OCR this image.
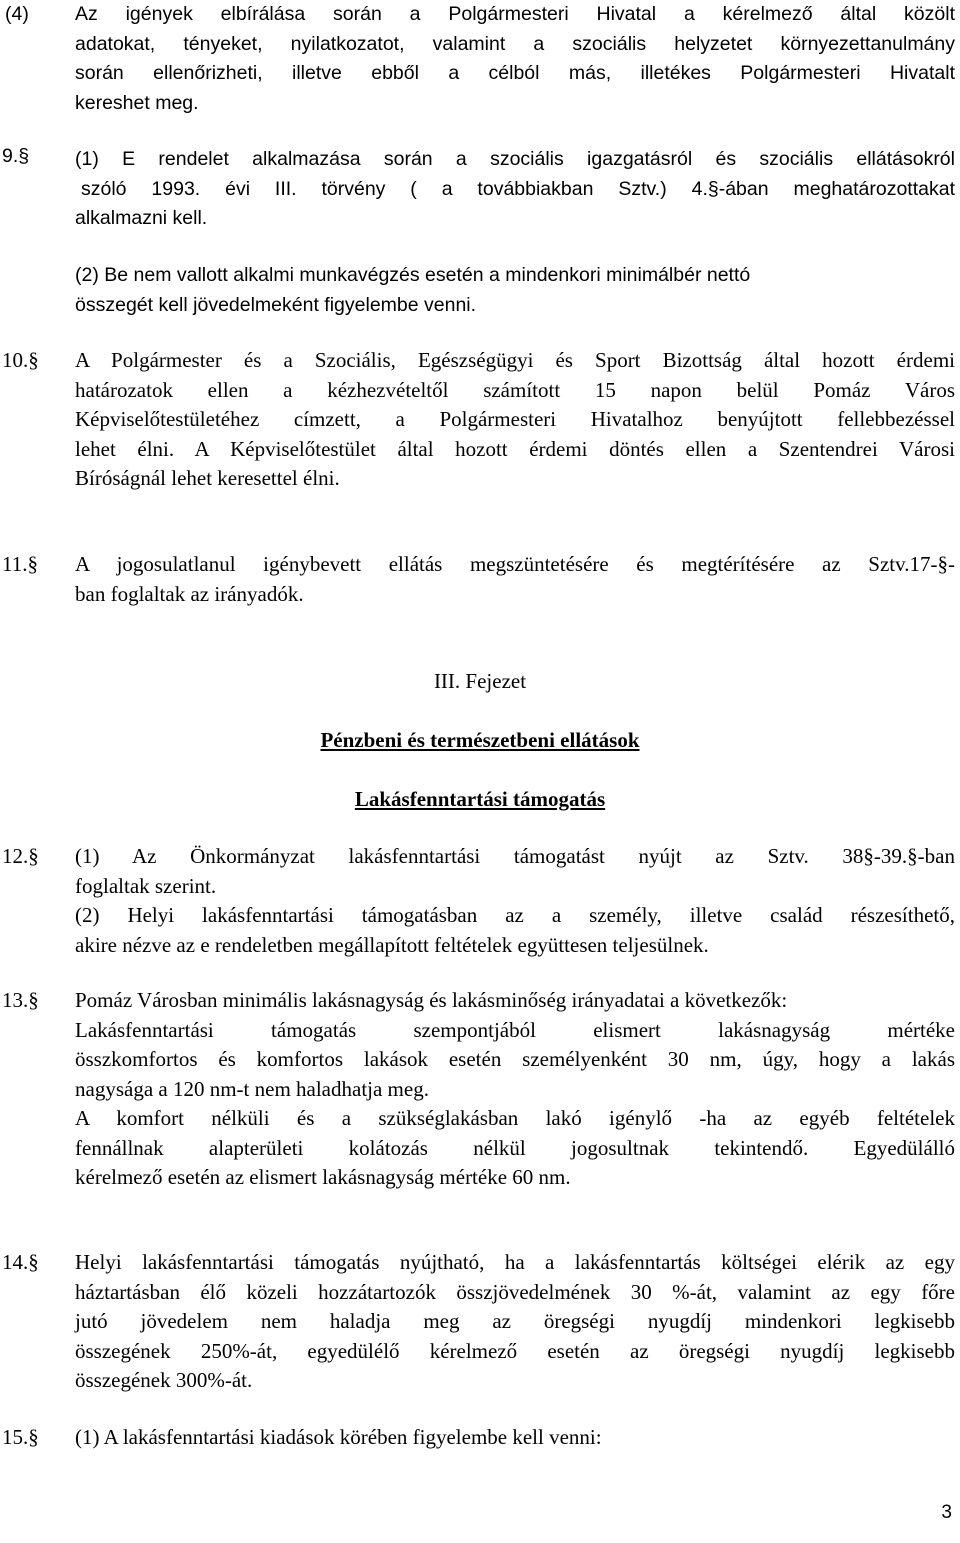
(4) Az igények elbírálása során a Polgármesteri Hivatal a kérelmező által közölt
adatokat, tényeket, nyilatkozatot, valamint a szociális helyzetet környezettanulmány
során ellenőrizheti, illetve ebből a célból más, illetékes Polgármesteri Hivatalt
kereshet meg.
9.§ (1) E rendelet alkalmazása során a szociális igazgatásról és szociális ellátásokról
szóló 1993. évi III. törvény ( a továbbiakban Sztv.) 4.§-ában meghatározottakat
alkalmazni kell.
(2) Be nem vallott alkalmi munkavégzés esetén a mindenkori minimálbér nettó
összegét kell jövedelmeként figyelembe venni.
10.§ A Polgármester és a Szociális, Egészségügyi és Sport Bizottság által hozott érdemi
határozatok ellen a kézhezvételtől számított 15 napon belül Pomáz Város
Képviselőtestületéhez címzett, a Polgármesteri Hivatalhoz benyújtott fellebbezéssel
lehet élni. A Képviselőtestület által hozott érdemi döntés ellen a Szentendrei Városi
Bíróságnál lehet keresettel élni.
11.§ A jogosulatlanul igénybevett ellátás megszüntetésére és megtérítésére az Sztv.17-§-
ban foglaltak az irányadók.
III. Fejezet
Pénzbeni és természetbeni ellátások
Lakásfenntartási támogatás
12.§ (1) Az Önkormányzat lakásfenntartási támogatást nyújt az Sztv. 38§-39.§-ban
foglaltak szerint.
(2) Helyi lakásfenntartási támogatásban az a személy, illetve család részesíthető,
akire nézve az e rendeletben megállapított feltételek együttesen teljesülnek.
13.§ Pomáz Városban minimális lakásnagyság és lakásminőség irányadatai a következők:
Lakásfenntartási támogatás szempontjából elismert lakásnagyság mértéke
összkomfortos és komfortos lakások esetén személyenként 30 nm, úgy, hogy a lakás
nagysága a 120 nm-t nem haladhatja meg.
A komfort nélküli és a szükséglakásban lakó igénylő -ha az egyéb feltételek
fennállnak alapterületi kolátozás nélkül jogosultnak tekintendő. Egyedülálló
kérelmező esetén az elismert lakásnagyság mértéke 60 nm.
14.§ Helyi lakásfenntartási támogatás nyújtható, ha a lakásfenntartás költségei elérik az egy
háztartásban élő közeli hozzátartozók összjövedelmének 30 %-át, valamint az egy főre
jutó jövedelem nem haladja meg az öregségi nyugdíj mindenkori legkisebb
összegének 250%-át, egyedülélő kérelmező esetén az öregségi nyugdíj legkisebb
összegének 300%-át.
15.§ (1) A lakásfenntartási kiadások körében figyelembe kell venni:
3
